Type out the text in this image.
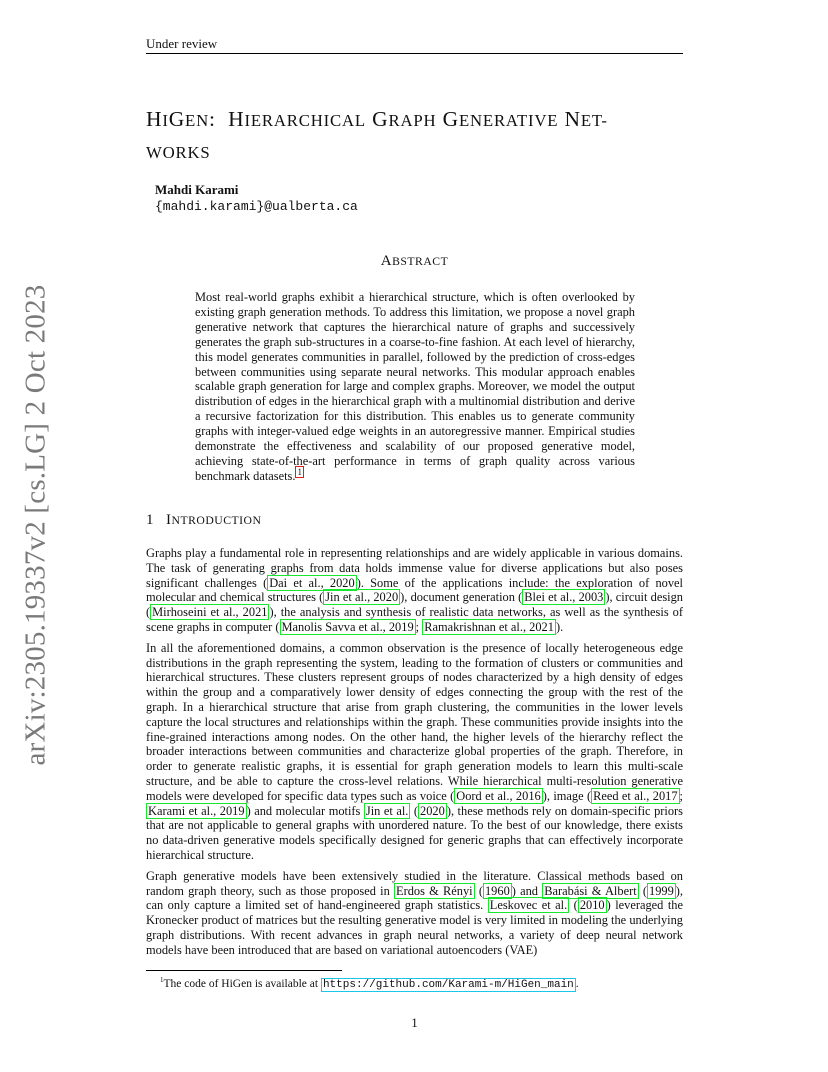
Under review
arXiv:2305.19337v2 [cs.LG] 2 Oct 2023
HIGEN: HIERARCHICAL GRAPH GENERATIVE NET-
WORKS
Mahdi Karami
{mahdi.karami}@ualberta.ca
ABSTRACT
Most real-world graphs exhibit a hierarchical structure, which is often overlooked by existing graph generation methods. To address this limitation, we propose a novel graph generative network that captures the hierarchical nature of graphs and successively generates the graph sub-structures in a coarse-to-fine fashion. At each level of hierarchy, this model generates communities in parallel, followed by the prediction of cross-edges between communities using separate neural networks. This modular approach enables scalable graph generation for large and complex graphs. Moreover, we model the output distribution of edges in the hierarchical graph with a multinomial distribution and derive a recursive factorization for this distribution. This enables us to generate community graphs with integer-valued edge weights in an autoregressive manner. Empirical studies demonstrate the effectiveness and scalability of our proposed generative model, achieving state-of-the-art performance in terms of graph quality across various benchmark datasets. $^1$
1 INTRODUCTION

Graphs play a fundamental role in representing relationships and are widely applicable in various domains. The task of generating graphs from data holds immense value for diverse applications but also poses significant challenges ( Dai et al., 2020 ). Some of the applications include: the exploration of novel molecular and chemical structures ( Jin et al., 2020 ), document generation ( Blei et al., 2003 ), circuit design ( Mirhoseini et al., 2021 ), the analysis and synthesis of realistic data networks, as well as the synthesis of scene graphs in computer ( Manolis Savva et al., 2019 ; Ramakrishnan et al., 2021 ).

In all the aforementioned domains, a common observation is the presence of locally heterogeneous edge distributions in the graph representing the system, leading to the formation of clusters or communities and hierarchical structures. These clusters represent groups of nodes characterized by a high density of edges within the group and a comparatively lower density of edges connecting the group with the rest of the graph. In a hierarchical structure that arise from graph clustering, the communities in the lower levels capture the local structures and relationships within the graph. These communities provide insights into the fine-grained interactions among nodes. On the other hand, the higher levels of the hierarchy reflect the broader interactions between communities and characterize global properties of the graph. Therefore, in order to generate realistic graphs, it is essential for graph generation models to learn this multi-scale structure, and be able to capture the cross-level relations. While hierarchical multi-resolution generative models were developed for specific data types such as voice ( Oord et al., 2016 ), image ( Reed et al., 2017 ; Karami et al., 2019 ) and molecular motifs Jin et al. ( 2020 ), these methods rely on domain-specific priors that are not applicable to general graphs with unordered nature. To the best of our knowledge, there exists no data-driven generative models specifically designed for generic graphs that can effectively incorporate hierarchical structure.

Graph generative models have been extensively studied in the literature. Classical methods based on random graph theory, such as those proposed in Erdos & Rényi ( 1960 ) and Barabási & Albert ( 1999 ), can only capture a limited set of hand-engineered graph statistics. Leskovec et al. ( 2010 ) leveraged the Kronecker product of matrices but the resulting generative model is very limited in modeling the underlying graph distributions. With recent advances in graph neural networks, a variety of deep neural network models have been introduced that are based on variational autoencoders (VAE)

$^1$The code of HiGen is available at https://github.com/Karami-m/HiGen_main .
1
